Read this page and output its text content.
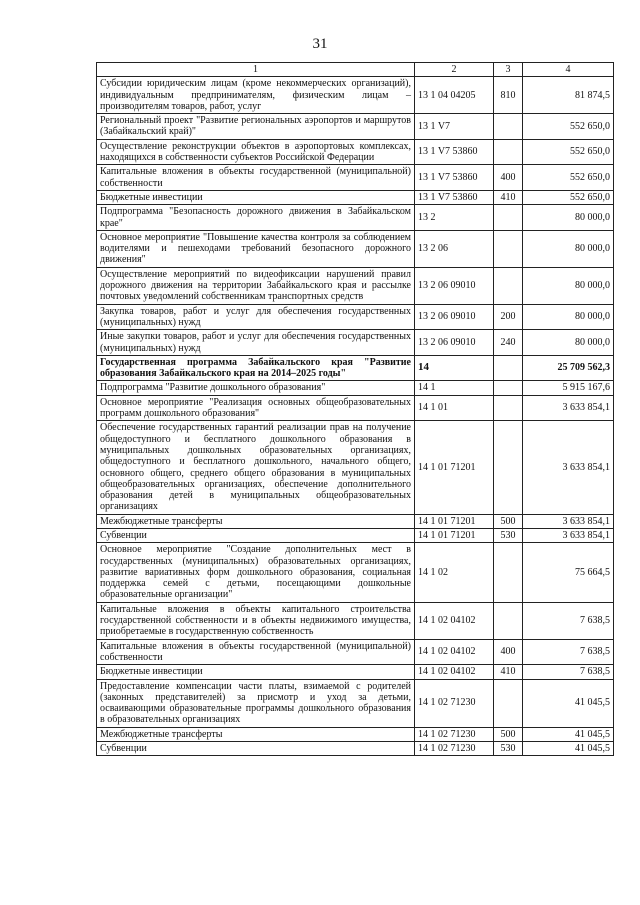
31
1	2	3	4
Субсидии юридическим лицам (кроме некоммерческих организаций), индивидуальным предпринимателям, физическим лицам – производителям товаров, работ, услуг	13 1 04 04205	810	81 874,5
Региональный проект "Развитие региональных аэропортов и маршрутов (Забайкальский край)"	13 1 V7		552 650,0
Осуществление реконструкции объектов в аэропортовых комплексах, находящихся в собственности субъектов Российской Федерации	13 1 V7 53860		552 650,0
Капитальные вложения в объекты государственной (муниципальной) собственности	13 1 V7 53860	400	552 650,0
Бюджетные инвестиции	13 1 V7 53860	410	552 650,0
Подпрограмма "Безопасность дорожного движения в Забайкальском крае"	13 2		80 000,0
Основное мероприятие "Повышение качества контроля за соблюдением водителями и пешеходами требований безопасного дорожного движения"	13 2 06		80 000,0
Осуществление мероприятий по видеофиксации нарушений правил дорожного движения на территории Забайкальского края и рассылке почтовых уведомлений собственникам транспортных средств	13 2 06 09010		80 000,0
Закупка товаров, работ и услуг для обеспечения государственных (муниципальных) нужд	13 2 06 09010	200	80 000,0
Иные закупки товаров, работ и услуг для обеспечения государственных (муниципальных) нужд	13 2 06 09010	240	80 000,0
Государственная программа Забайкальского края "Развитие образования Забайкальского края на 2014–2025 годы"	14		25 709 562,3
Подпрограмма "Развитие дошкольного образования"	14 1		5 915 167,6
Основное мероприятие "Реализация основных общеобразовательных программ дошкольного образования"	14 1 01		3 633 854,1
Обеспечение государственных гарантий реализации прав на получение общедоступного и бесплатного дошкольного образования в муниципальных дошкольных образовательных организациях, общедоступного и бесплатного дошкольного, начального общего, основного общего, среднего общего образования в муниципальных общеобразовательных организациях, обеспечение дополнительного образования детей в муниципальных общеобразовательных организациях	14 1 01 71201		3 633 854,1
Межбюджетные трансферты	14 1 01 71201	500	3 633 854,1
Субвенции	14 1 01 71201	530	3 633 854,1
Основное мероприятие "Создание дополнительных мест в государственных (муниципальных) образовательных организациях, развитие вариативных форм дошкольного образования, социальная поддержка семей с детьми, посещающими дошкольные образовательные организации"	14 1 02		75 664,5
Капитальные вложения в объекты капитального строительства государственной собственности и в объекты недвижимого имущества, приобретаемые в государственную собственность	14 1 02 04102		7 638,5
Капитальные вложения в объекты государственной (муниципальной) собственности	14 1 02 04102	400	7 638,5
Бюджетные инвестиции	14 1 02 04102	410	7 638,5
Предоставление компенсации части платы, взимаемой с родителей (законных представителей) за присмотр и уход за детьми, осваивающими образовательные программы дошкольного образования в образовательных организациях	14 1 02 71230		41 045,5
Межбюджетные трансферты	14 1 02 71230	500	41 045,5
Субвенции	14 1 02 71230	530	41 045,5
